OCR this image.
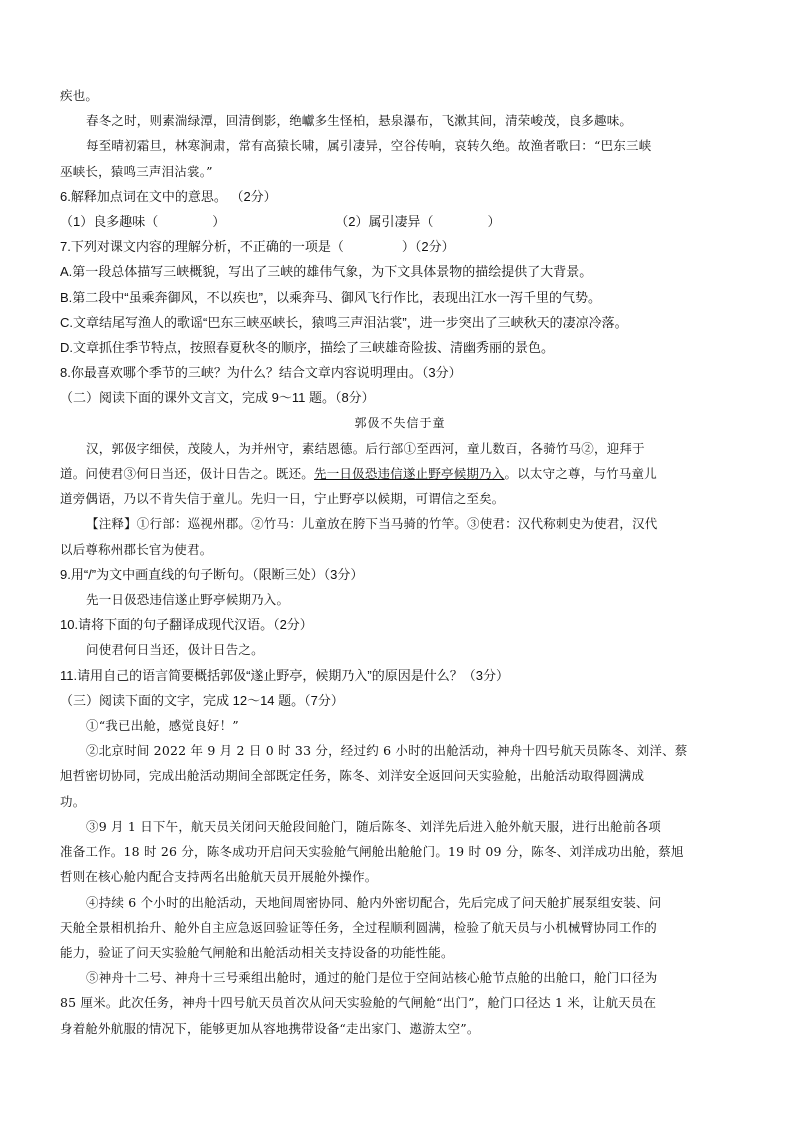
疾也。

春冬之时，则素湍绿潭，回清倒影，绝巘多生怪柏，悬泉瀑布，飞漱其间，清荣峻茂，良多趣味。

每至晴初霜旦，林寒涧肃，常有高猿长啸，属引凄异，空谷传响，哀转久绝。故渔者歌曰：“巴东三峡

巫峡长，猿鸣三声泪沾裳。”

6.解释加点词在文中的意思。 （2分）

（1）良多趣味（	）	（2）属引凄异（	）

7.下列对课文内容的理解分析，不正确的一项是（	）（2分）

A.第一段总体描写三峡概貌，写出了三峡的雄伟气象，为下文具体景物的描绘提供了大背景。

B.第二段中“虽乘奔御风，不以疾也”，以乘奔马、御风飞行作比，表现出江水一泻千里的气势。

C.文章结尾写渔人的歌谣“巴东三峡巫峡长，猿鸣三声泪沾裳”，进一步突出了三峡秋天的凄凉冷落。

D.文章抓住季节特点，按照春夏秋冬的顺序，描绘了三峡雄奇险拔、清幽秀丽的景色。

8.你最喜欢哪个季节的三峡？为什么？结合文章内容说明理由。（3分）

（二）阅读下面的课外文言文，完成 9～11 题。（8分）

郭伋不失信于童

汉，郭伋字细侯，茂陵人，为并州守，素结恩德。后行部①至西河，童儿数百，各骑竹马②，迎拜于

道。问使君③何日当还，伋计日告之。既还。先一日伋恐违信遂止野亭候期乃入。以太守之尊，与竹马童儿

道旁偶语，乃以不肯失信于童儿。先归一日，宁止野亭以候期，可谓信之至矣。

【注释】①行部：巡视州郡。②竹马：儿童放在胯下当马骑的竹竿。③使君：汉代称刺史为使君，汉代

以后尊称州郡长官为使君。

9.用“/”为文中画直线的句子断句。（限断三处）（3分）

先一日伋恐违信遂止野亭候期乃入。

10.请将下面的句子翻译成现代汉语。（2分）

问使君何日当还，伋计日告之。

11.请用自己的语言简要概括郭伋“遂止野亭，候期乃入”的原因是什么？（3分）

（三）阅读下面的文字，完成 12～14 题。（7分）

①“我已出舱，感觉良好！”

②北京时间 2022 年 9 月 2 日 0 时 33 分，经过约 6 小时的出舱活动，神舟十四号航天员陈冬、刘洋、蔡

旭哲密切协同，完成出舱活动期间全部既定任务，陈冬、刘洋安全返回问天实验舱，出舱活动取得圆满成

功。

③9 月 1 日下午，航天员关闭问天舱段间舱门，随后陈冬、刘洋先后进入舱外航天服，进行出舱前各项

准备工作。18 时 26 分，陈冬成功开启问天实验舱气闸舱出舱舱门。19 时 09 分，陈冬、刘洋成功出舱，蔡旭

哲则在核心舱内配合支持两名出舱航天员开展舱外操作。

④持续 6 个小时的出舱活动，天地间周密协同、舱内外密切配合，先后完成了问天舱扩展泵组安装、问

天舱全景相机抬升、舱外自主应急返回验证等任务，全过程顺利圆满，检验了航天员与小机械臂协同工作的

能力，验证了问天实验舱气闸舱和出舱活动相关支持设备的功能性能。

⑤神舟十二号、神舟十三号乘组出舱时，通过的舱门是位于空间站核心舱节点舱的出舱口，舱门口径为

85 厘米。此次任务，神舟十四号航天员首次从问天实验舱的气闸舱“出门”，舱门口径达 1 米，让航天员在

身着舱外航服的情况下，能够更加从容地携带设备“走出家门、遨游太空”。
